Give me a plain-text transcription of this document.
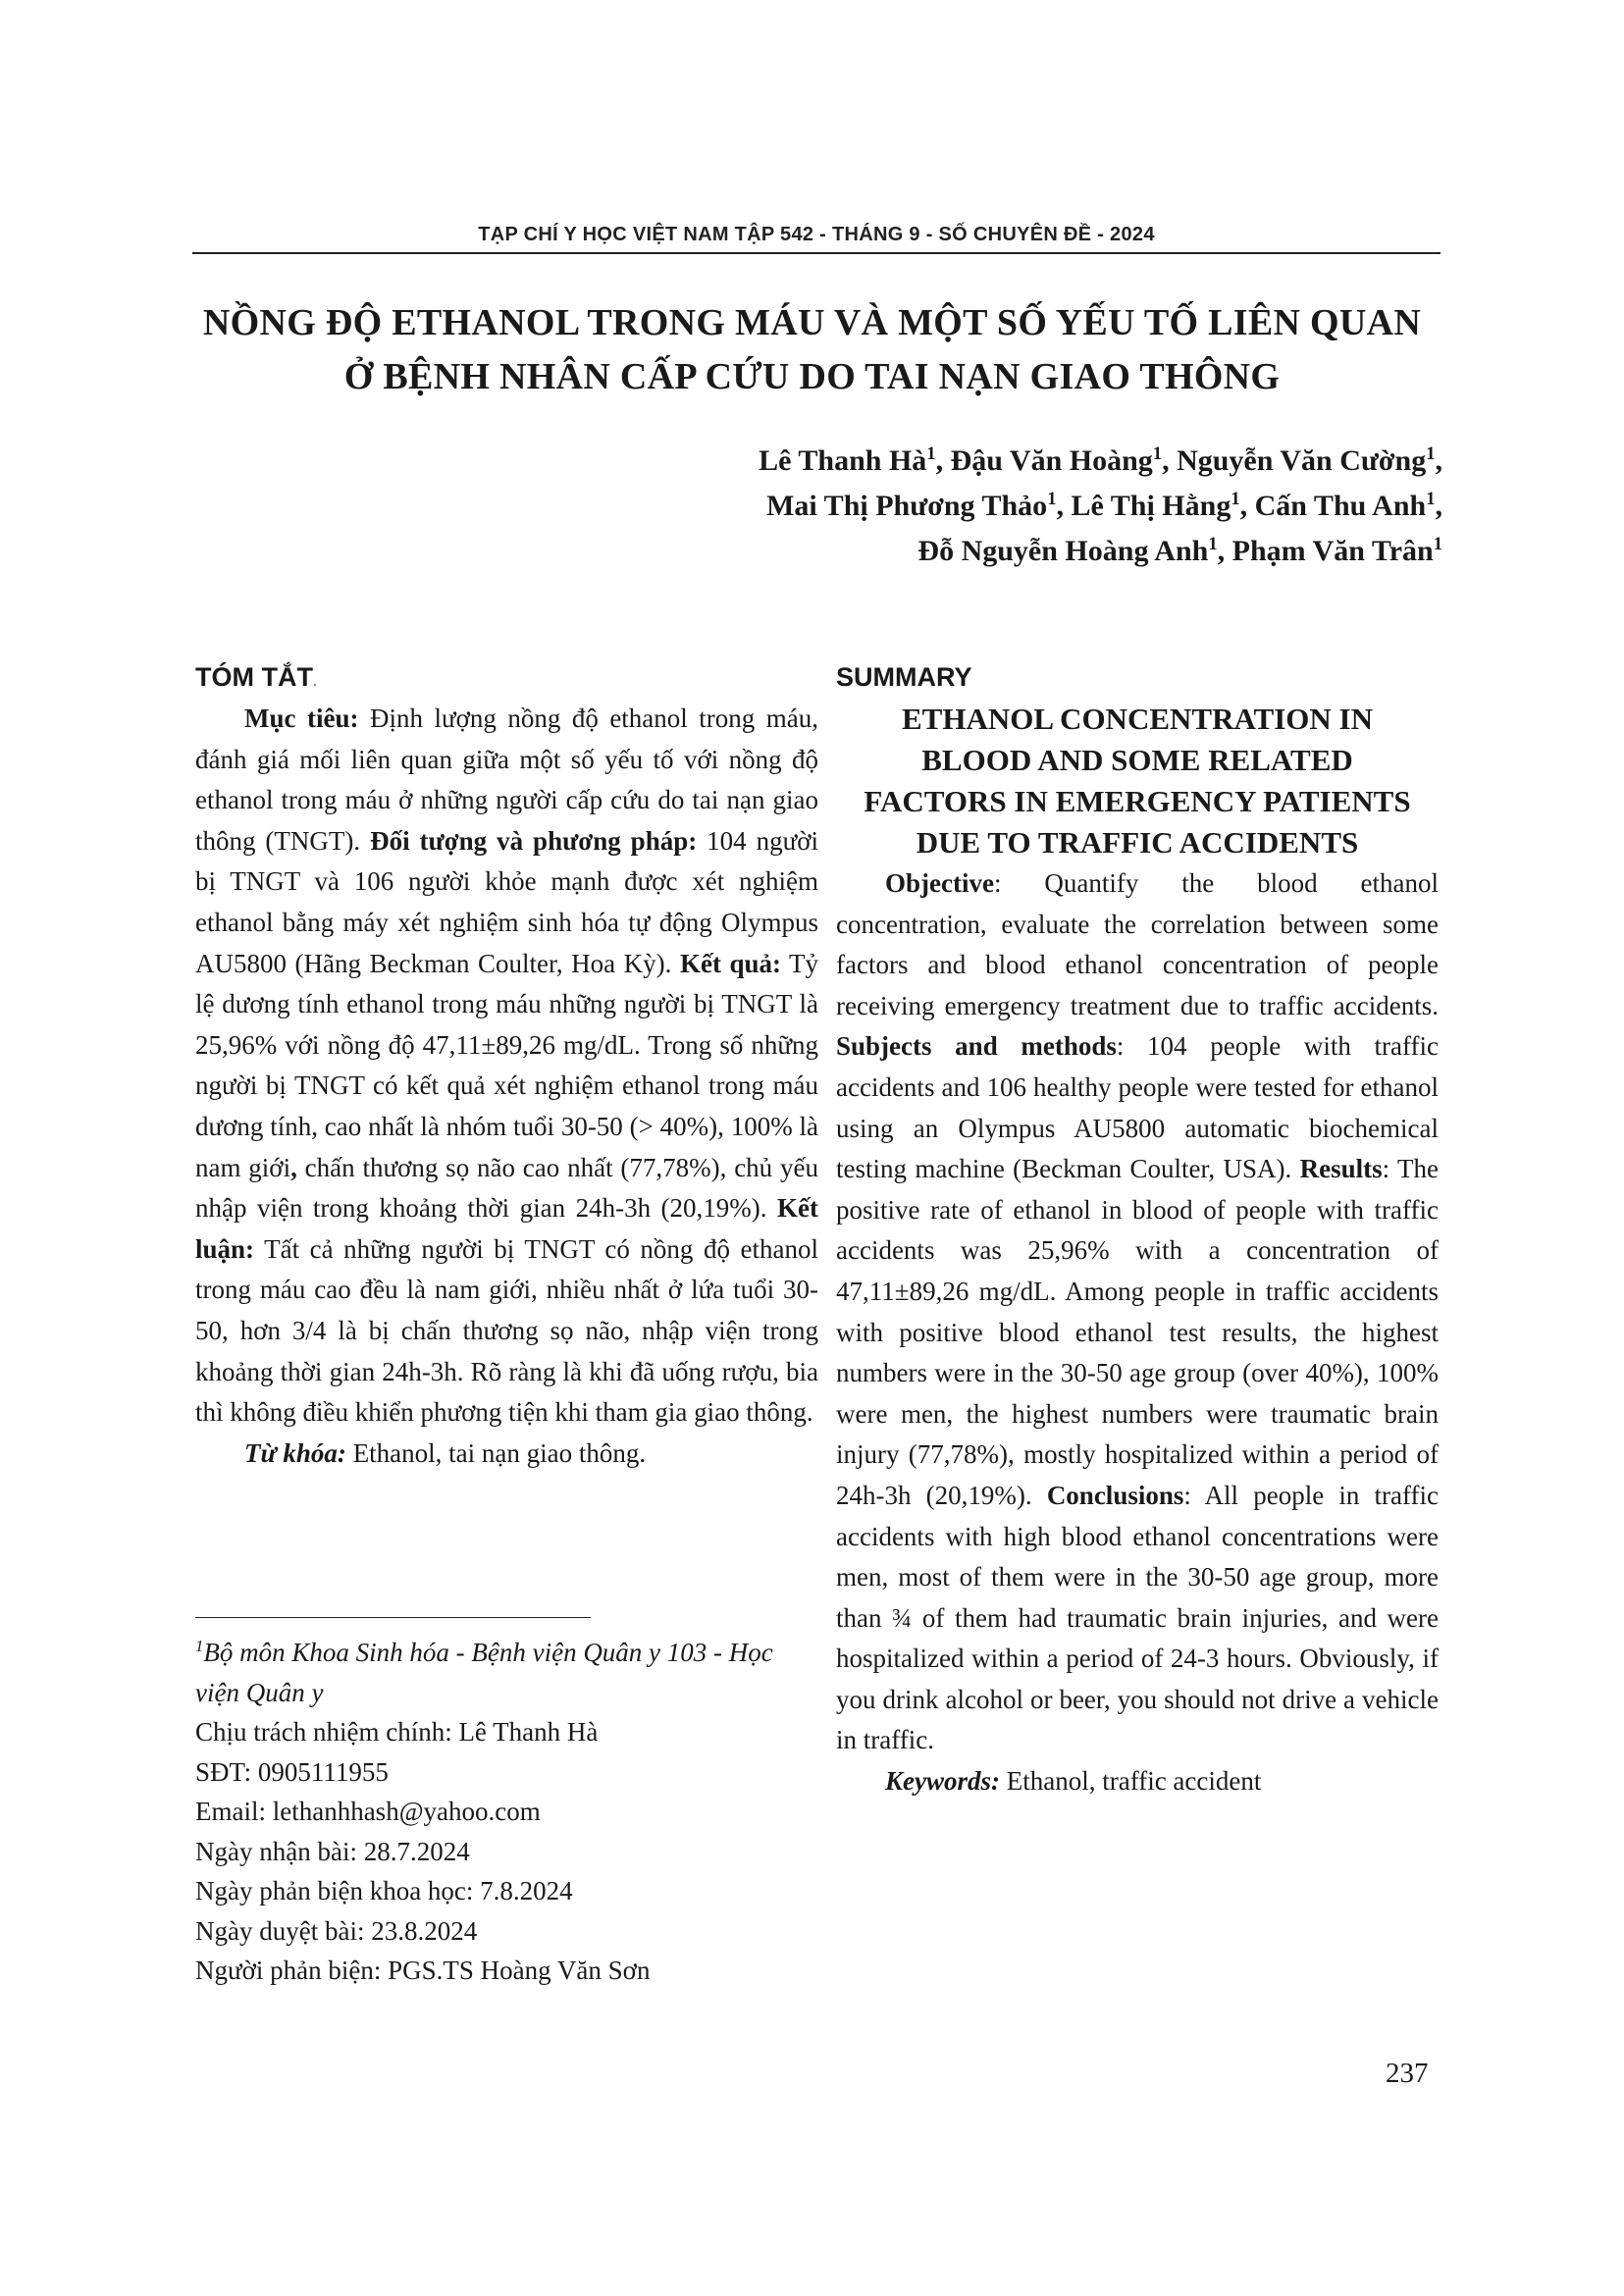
TẠP CHÍ Y HỌC VIỆT NAM TẬP 542 - THÁNG 9 - SỐ CHUYÊN ĐỀ - 2024
NỒNG ĐỘ ETHANOL TRONG MÁU VÀ MỘT SỐ YẾU TỐ LIÊN QUAN
Ở BỆNH NHÂN CẤP CỨU DO TAI NẠN GIAO THÔNG
Lê Thanh $Hà^1$, Đậu Văn Hoàng$^1$, Nguyễn Văn Cường$^1$,
Mai Thị Phương Thảo$^1$, Lê Thị Hằng$^1$, Cấn Thu Anh$^1$,
Đỗ Nguyễn Hoàng Anh$^1$, Phạm Văn Trân$^1$
TÓM TẮT.

Mục tiêu: Định lượng nồng độ ethanol trong máu, đánh giá mối liên quan giữa một số yếu tố với nồng độ ethanol trong máu ở những người cấp cứu do tai nạn giao thông (TNGT). Đối tượng và phương pháp: 104 người bị TNGT và 106 người khỏe mạnh được xét nghiệm ethanol bằng máy xét nghiệm sinh hóa tự động Olympus AU5800 (Hãng Beckman Coulter, Hoa Kỳ). Kết quả: Tỷ lệ dương tính ethanol trong máu những người bị TNGT là 25,96% với nồng độ 47,11±89,26 mg/dL. Trong số những người bị TNGT có kết quả xét nghiệm ethanol trong máu dương tính, cao nhất là nhóm tuổi 30-50 (> 40%), 100% là nam giới, chấn thương sọ não cao nhất (77,78%), chủ yếu nhập viện trong khoảng thời gian 24h-3h (20,19%). Kết luận: Tất cả những người bị TNGT có nồng độ ethanol trong máu cao đều là nam giới, nhiều nhất ở lứa tuổi 30-50, hơn 3/4 là bị chấn thương sọ não, nhập viện trong khoảng thời gian 24h-3h. Rõ ràng là khi đã uống rượu, bia thì không điều khiển phương tiện khi tham gia giao thông.

Từ khóa: Ethanol, tai nạn giao thông.

$^1$Bộ môn Khoa Sinh hóa - Bệnh viện Quân y 103 - Học viện Quân y

Chịu trách nhiệm chính: Lê Thanh Hà

SĐT: 0905111955

Email: lethanhhash@yahoo.com

Ngày nhận bài: 28.7.2024

Ngày phản biện khoa học: 7.8.2024

Ngày duyệt bài: 23.8.2024

Người phản biện: PGS.TS Hoàng Văn Sơn

SUMMARY
ETHANOL CONCENTRATION IN BLOOD AND SOME RELATED FACTORS IN EMERGENCY PATIENTS DUE TO TRAFFIC ACCIDENTS

Objective: Quantify the blood ethanol concentration, evaluate the correlation between some factors and blood ethanol concentration of people receiving emergency treatment due to traffic accidents. Subjects and methods: 104 people with traffic accidents and 106 healthy people were tested for ethanol using an Olympus AU5800 automatic biochemical testing machine (Beckman Coulter, USA). Results: The positive rate of ethanol in blood of people with traffic accidents was 25,96% with a concentration of 47,11±89,26 mg/dL. Among people in traffic accidents with positive blood ethanol test results, the highest numbers were in the 30-50 age group (over 40%), 100% were men, the highest numbers were traumatic brain injury (77,78%), mostly hospitalized within a period of 24h-3h (20,19%). Conclusions: All people in traffic accidents with high blood ethanol concentrations were men, most of them were in the 30-50 age group, more than ¾ of them had traumatic brain injuries, and were hospitalized within a period of 24-3 hours. Obviously, if you drink alcohol or beer, you should not drive a vehicle in traffic.

Keywords: Ethanol, traffic accident

237
